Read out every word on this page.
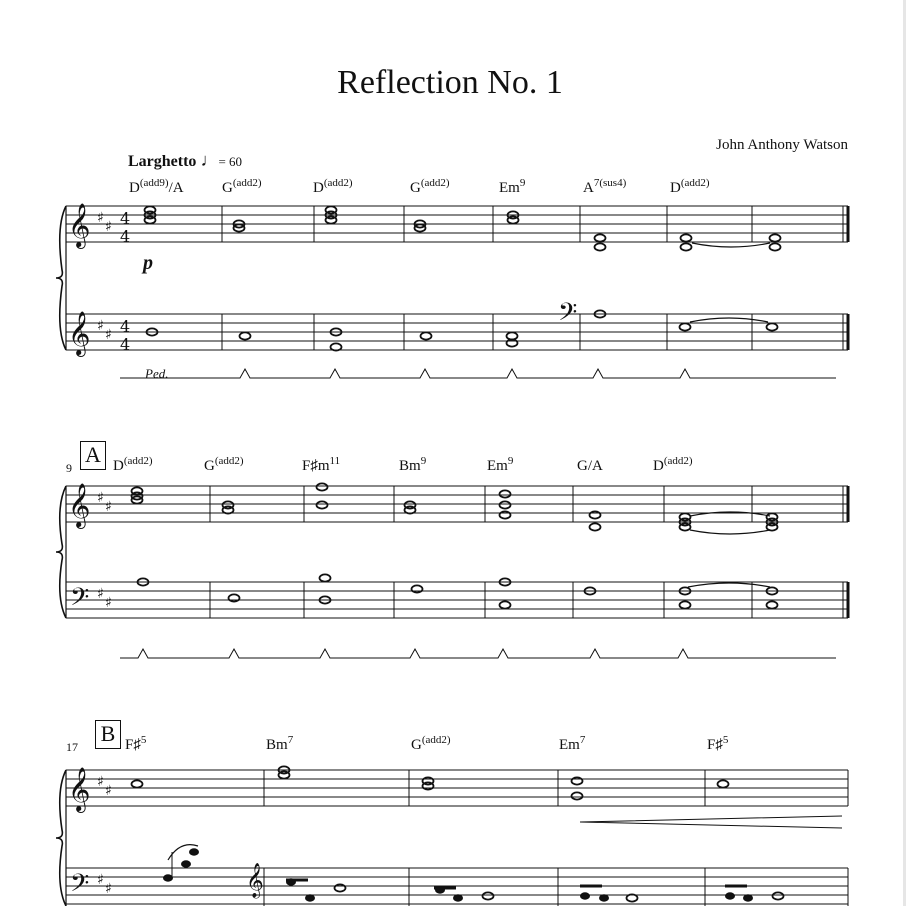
Reflection No. 1
John Anthony Watson
Larghetto ♩= 60
$D^{(add9)}/A$	$G^{(add2)}$	$D^{(add2)}$	$G^{(add2)}$	Em$^9$	$A^{7(sus4)}$	$D^{(add2)}$
p
Ped.
9
A $D^{(add2)}$	$G^{(add2)}$	$F♯m^{11}$	Bm$^9$	Em$^9$	G/A	$D^{(add2)}$
17
B F♯$^5$	Bm$^7$	$G^{(add2)}$	Em$^7$	F♯$^5$
𝄞
𝄞
♯
♯
♯
♯
4
4
4
4
𝄢
𝄞
𝄢
♯
♯
♯
♯
𝄞
𝄢
♯
♯
♯
♯	𝄞
